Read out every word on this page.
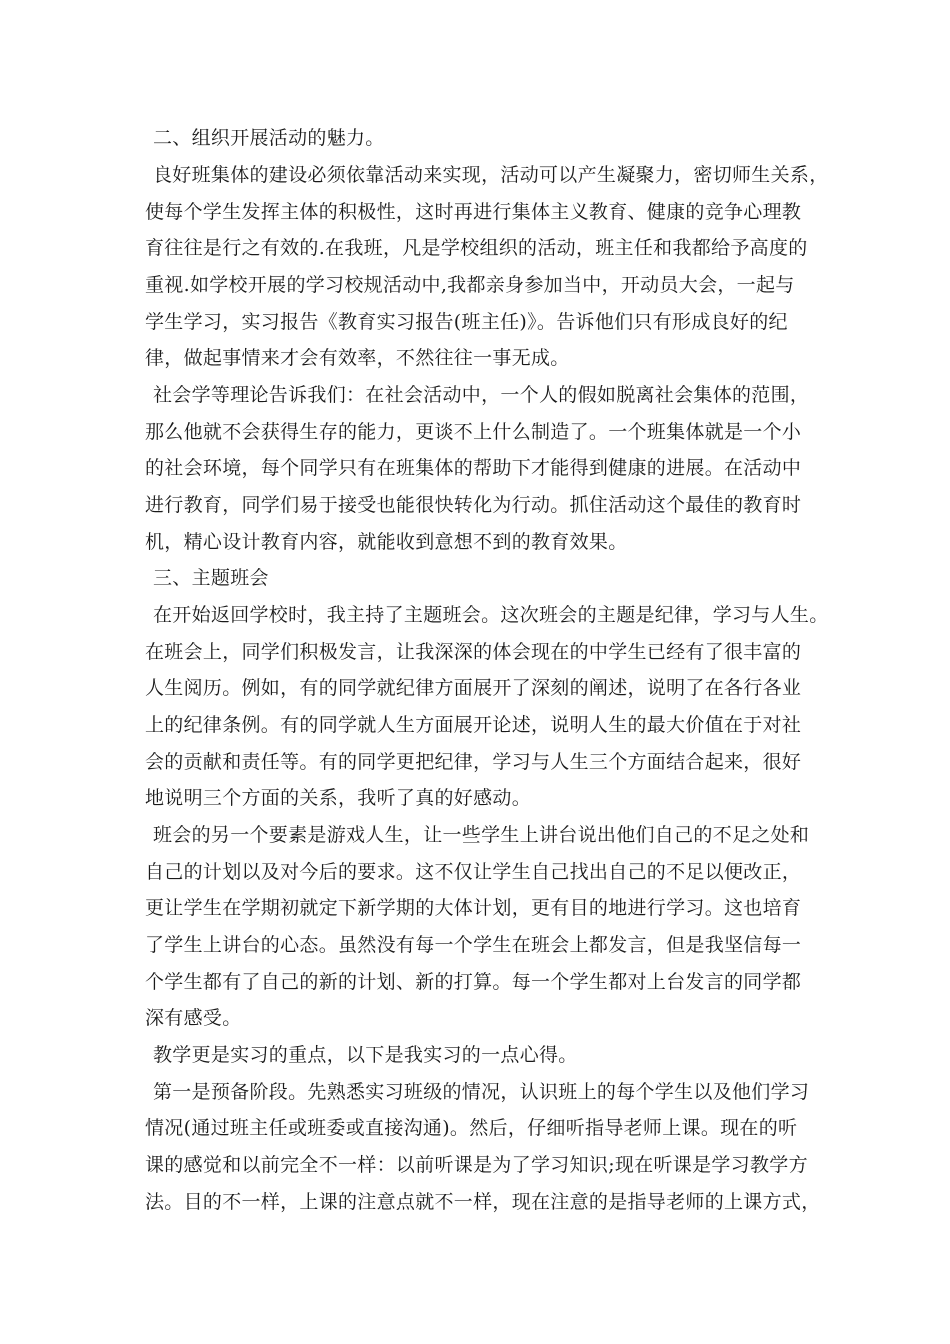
二、组织开展活动的魅力。
良好班集体的建设必须依靠活动来实现，活动可以产生凝聚力，密切师生关系，
使每个学生发挥主体的积极性，这时再进行集体主义教育、健康的竞争心理教
育往往是行之有效的.在我班，凡是学校组织的活动，班主任和我都给予高度的
重视.如学校开展的学习校规活动中,我都亲身参加当中，开动员大会，一起与
学生学习，实习报告《教育实习报告(班主任)》。告诉他们只有形成良好的纪
律，做起事情来才会有效率，不然往往一事无成。
社会学等理论告诉我们：在社会活动中，一个人的假如脱离社会集体的范围，
那么他就不会获得生存的能力，更谈不上什么制造了。一个班集体就是一个小
的社会环境，每个同学只有在班集体的帮助下才能得到健康的进展。在活动中
进行教育，同学们易于接受也能很快转化为行动。抓住活动这个最佳的教育时
机，精心设计教育内容，就能收到意想不到的教育效果。
三、主题班会
在开始返回学校时，我主持了主题班会。这次班会的主题是纪律，学习与人生。
在班会上，同学们积极发言，让我深深的体会现在的中学生已经有了很丰富的
人生阅历。例如，有的同学就纪律方面展开了深刻的阐述，说明了在各行各业
上的纪律条例。有的同学就人生方面展开论述，说明人生的最大价值在于对社
会的贡献和责任等。有的同学更把纪律，学习与人生三个方面结合起来，很好
地说明三个方面的关系，我听了真的好感动。
班会的另一个要素是游戏人生，让一些学生上讲台说出他们自己的不足之处和
自己的计划以及对今后的要求。这不仅让学生自己找出自己的不足以便改正，
更让学生在学期初就定下新学期的大体计划，更有目的地进行学习。这也培育
了学生上讲台的心态。虽然没有每一个学生在班会上都发言，但是我坚信每一
个学生都有了自己的新的计划、新的打算。每一个学生都对上台发言的同学都
深有感受。
教学更是实习的重点，以下是我实习的一点心得。
第一是预备阶段。先熟悉实习班级的情况，认识班上的每个学生以及他们学习
情况(通过班主任或班委或直接沟通)。然后，仔细听指导老师上课。现在的听
课的感觉和以前完全不一样：以前听课是为了学习知识;现在听课是学习教学方
法。目的不一样，上课的注意点就不一样，现在注意的是指导老师的上课方式，
